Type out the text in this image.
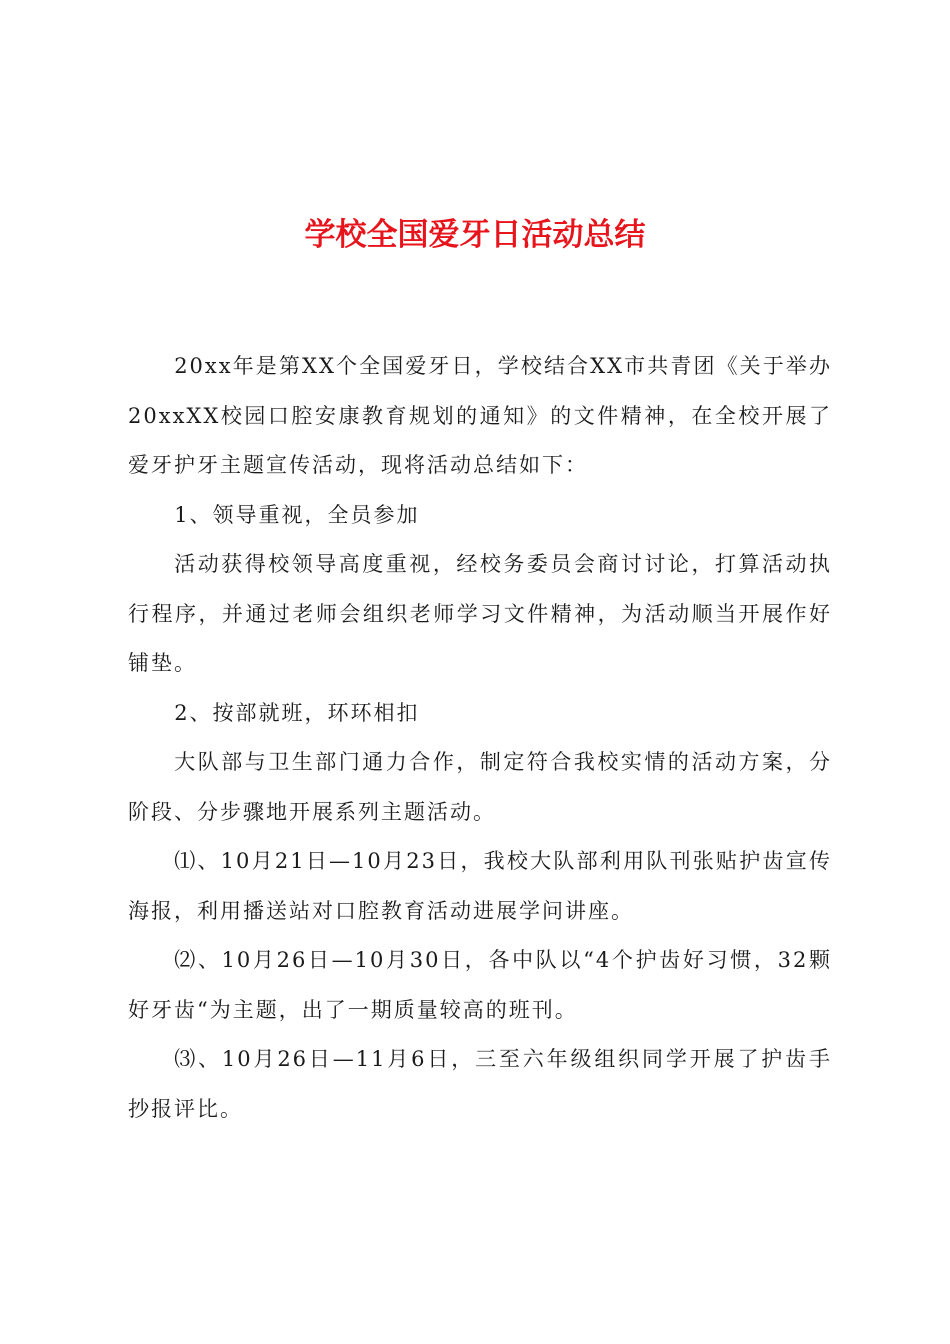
学校全国爱牙日活动总结

20xx年是第XX个全国爱牙日，学校结合XX市共青团《关于举办20xxXX校园口腔安康教育规划的通知》的文件精神，在全校开展了爱牙护牙主题宣传活动，现将活动总结如下：

1、领导重视，全员参加

活动获得校领导高度重视，经校务委员会商讨讨论，打算活动执行程序，并通过老师会组织老师学习文件精神，为活动顺当开展作好铺垫。

2、按部就班，环环相扣

大队部与卫生部门通力合作，制定符合我校实情的活动方案，分阶段、分步骤地开展系列主题活动。

⑴、10月21日—10月23日，我校大队部利用队刊张贴护齿宣传海报，利用播送站对口腔教育活动进展学问讲座。

⑵、10月26日—10月30日，各中队以“4个护齿好习惯，32颗好牙齿“为主题，出了一期质量较高的班刊。

⑶、10月26日—11月6日，三至六年级组织同学开展了护齿手抄报评比。
